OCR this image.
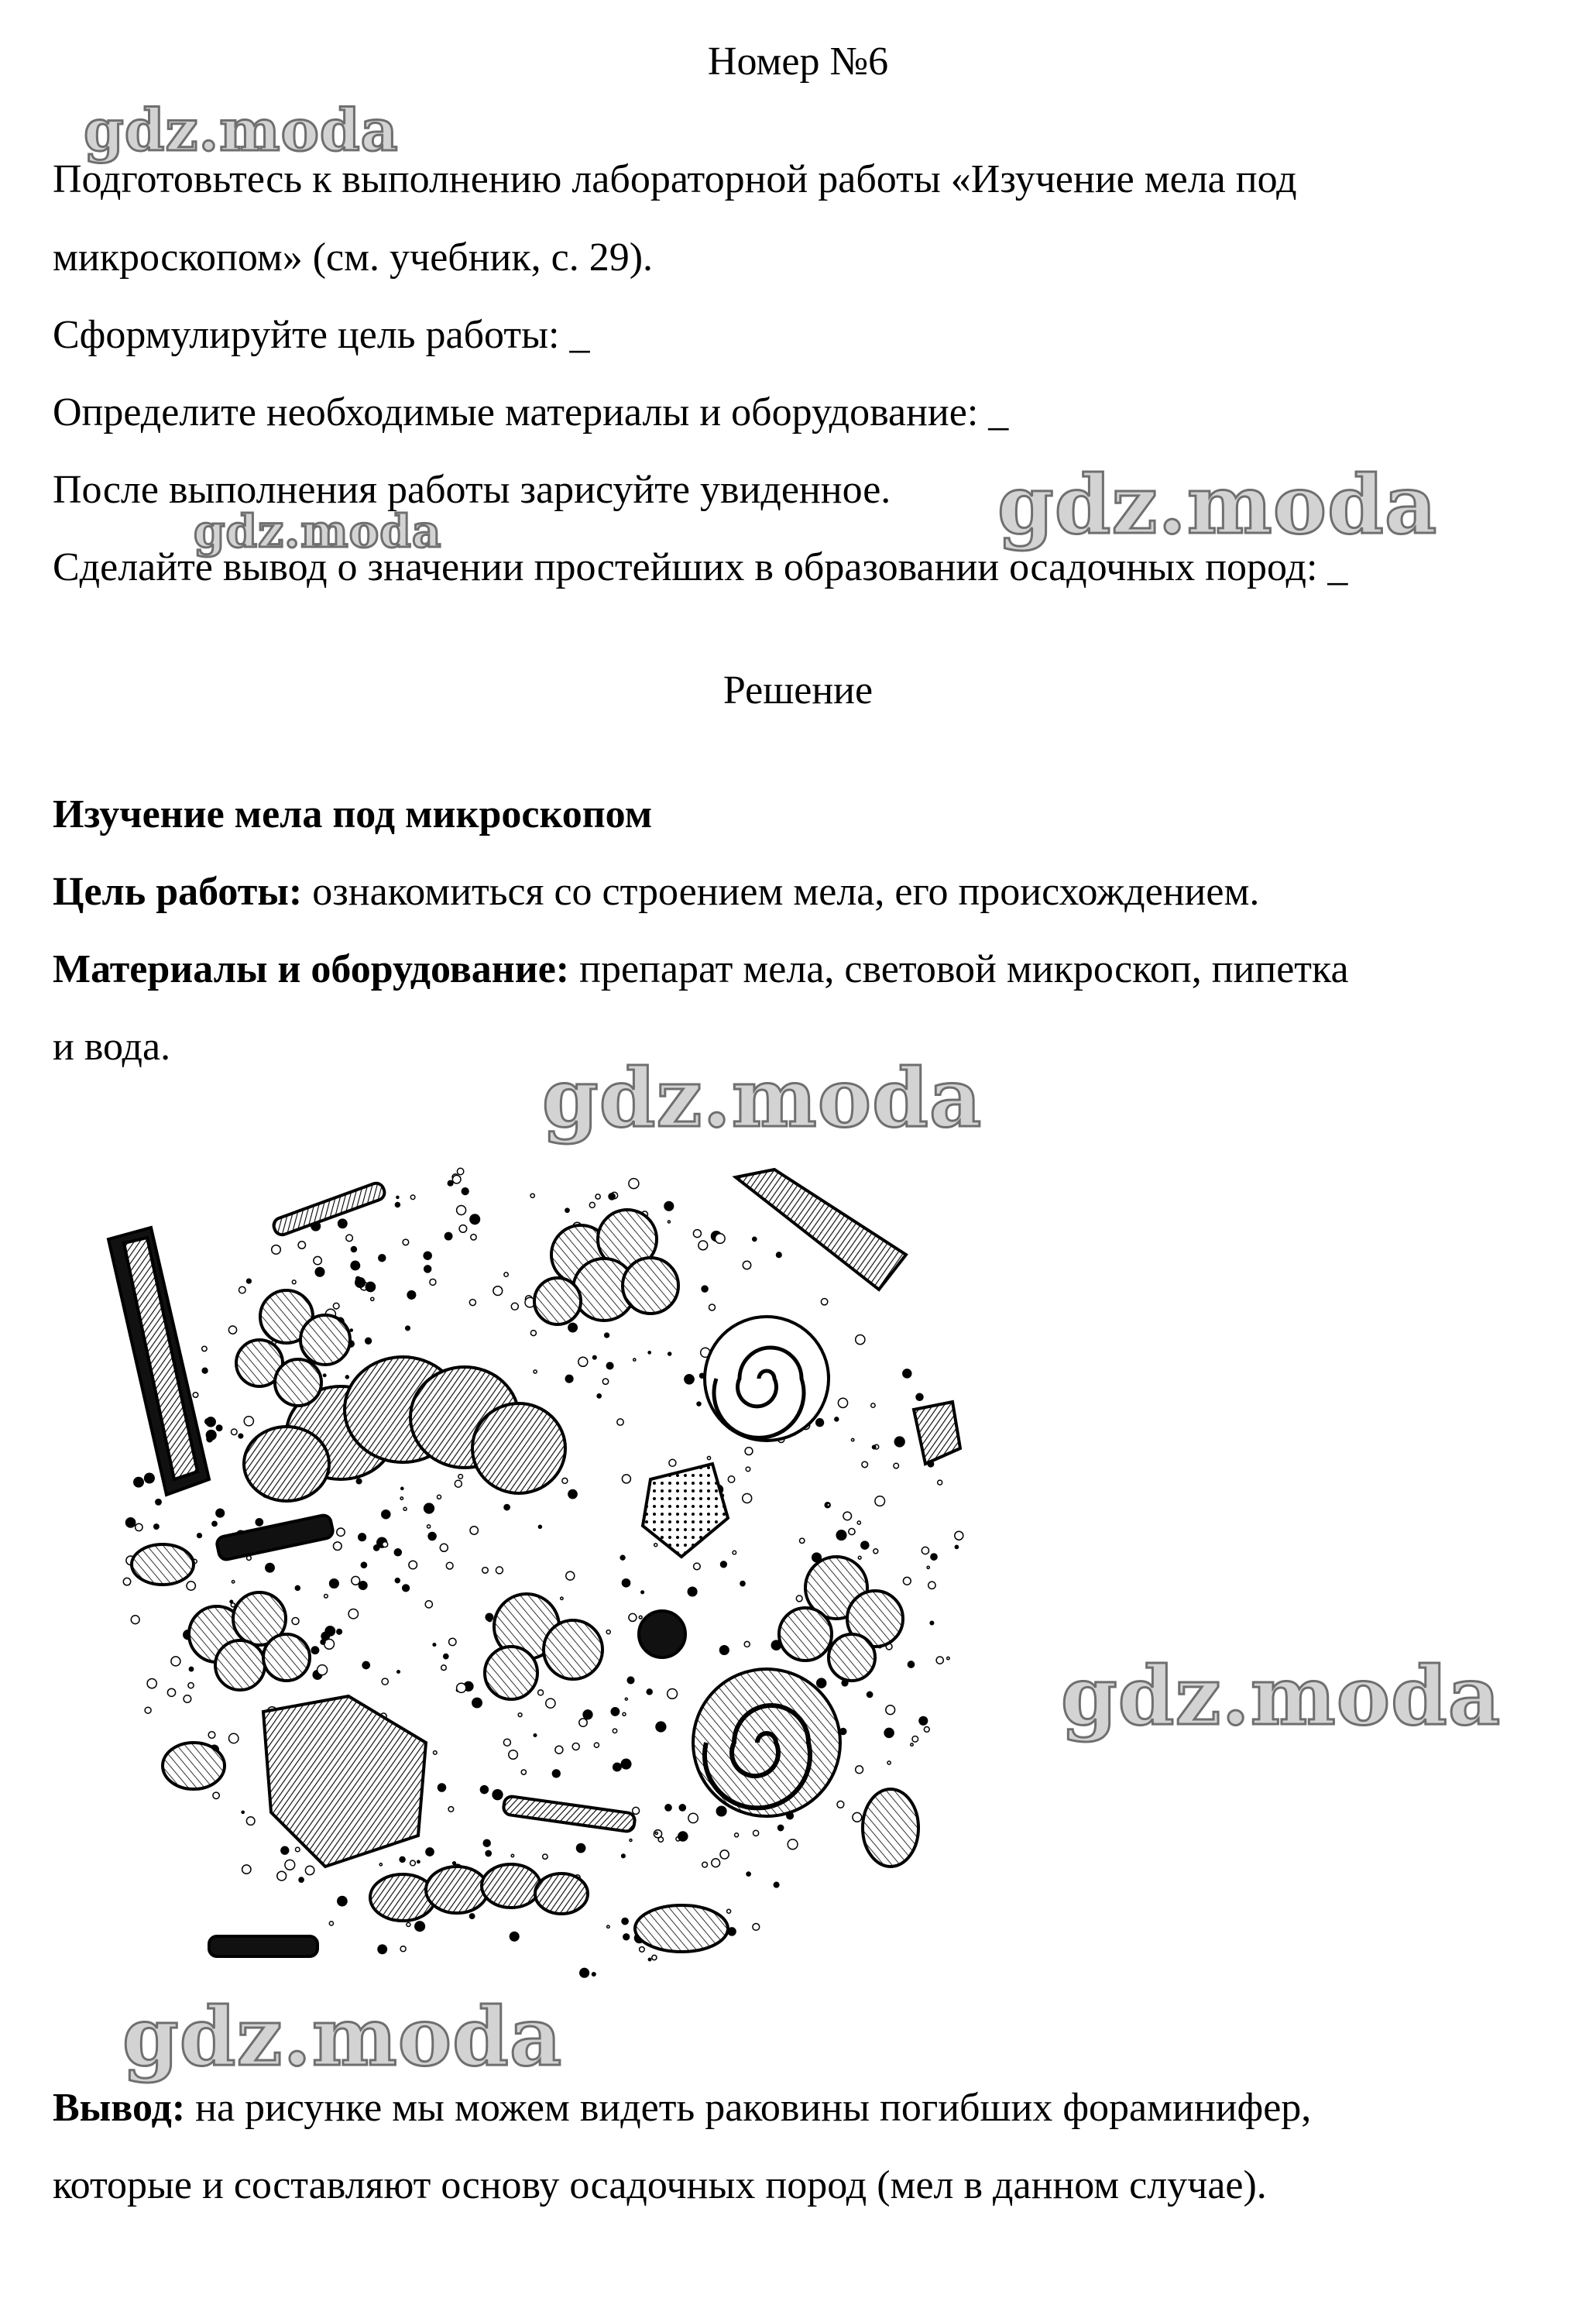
gdz.moda
gdz.moda
gdz.moda
gdz.moda
gdz.moda
gdz.moda
Номер №6
Подготовьтесь к выполнению лабораторной работы «Изучение мела под
микроскопом» (см. учебник, с. 29).
Сформулируйте цель работы: _
Определите необходимые материалы и оборудование: _
После выполнения работы зарисуйте увиденное.
Сделайте вывод о значении простейших в образовании осадочных пород: _
Решение
Изучение мела под микроскопом
Цель работы: ознакомиться со строением мела, его происхождением.
Материалы и оборудование: препарат мела, световой микроскоп, пипетка
и вода.
Вывод: на рисунке мы можем видеть раковины погибших фораминифер,
которые и составляют основу осадочных пород (мел в данном случае).
